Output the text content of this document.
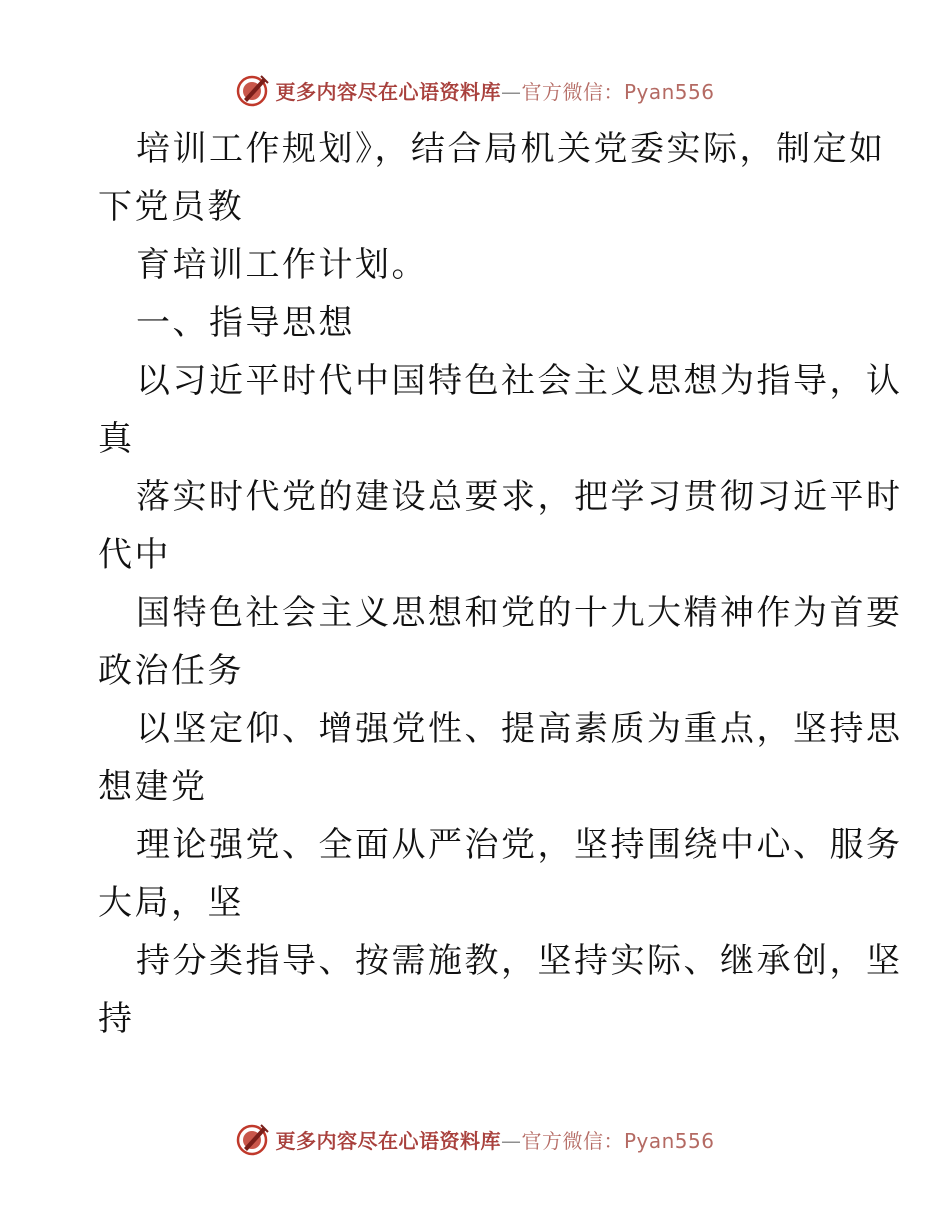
更多内容尽在心语资料库—官方微信：Pyan556
培训工作规划》，结合局机关党委实际，制定如
下党员教
育培训工作计划。
一、指导思想
以习近平时代中国特色社会主义思想为指导，认
真
落实时代党的建设总要求，把学习贯彻习近平时
代中
国特色社会主义思想和党的十九大精神作为首要
政治任务
以坚定仰、增强党性、提高素质为重点，坚持思
想建党
理论强党、全面从严治党，坚持围绕中心、服务
大局，坚
持分类指导、按需施教，坚持实际、继承创，坚
持
更多内容尽在心语资料库—官方微信：Pyan556
